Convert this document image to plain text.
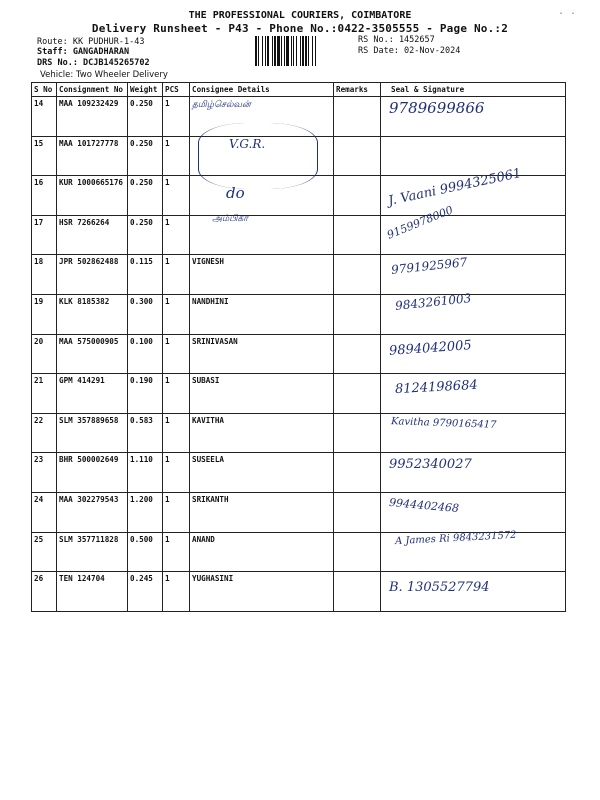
THE PROFESSIONAL COURIERS, COIMBATORE
Delivery Runsheet - P43 - Phone No.:0422-3505555 - Page No.:2
Route: KK PUDHUR-1-43
Staff: GANGADHARAN
DRS No.: DCJB145265702
Vehicle: Two Wheeler Delivery
RS No.: 1452657
RS Date: 02-Nov-2024
. .
S No	Consignment No	Weight	PCS	Consignee Details	Remarks	Seal & Signature
14	MAA 109232429	0.250	1	தமிழ்செல்வன்		9789699866

15	MAA 101727778	0.250	1	V.G.R.		

16	KUR 1000665176	0.250	1	do		J. Vaani 9994325061

17	HSR 7266264	0.250	1	அம்பிகா		9159978000

18	JPR 502862488	0.115	1	VIGNESH		9791925967

19	KLK 8185382	0.300	1	NANDHINI		9843261003

20	MAA 575000905	0.100	1	SRINIVASAN		9894042005

21	GPM 414291	0.190	1	SUBASI		8124198684

22	SLM 357889658	0.583	1	KAVITHA		Kavitha 9790165417

23	BHR 500002649	1.110	1	SUSEELA		9952340027

24	MAA 302279543	1.200	1	SRIKANTH		9944402468

25	SLM 357711828	0.500	1	ANAND		A James Ri 9843231572

26	TEN 124704	0.245	1	YUGHASINI		B. 1305527794
